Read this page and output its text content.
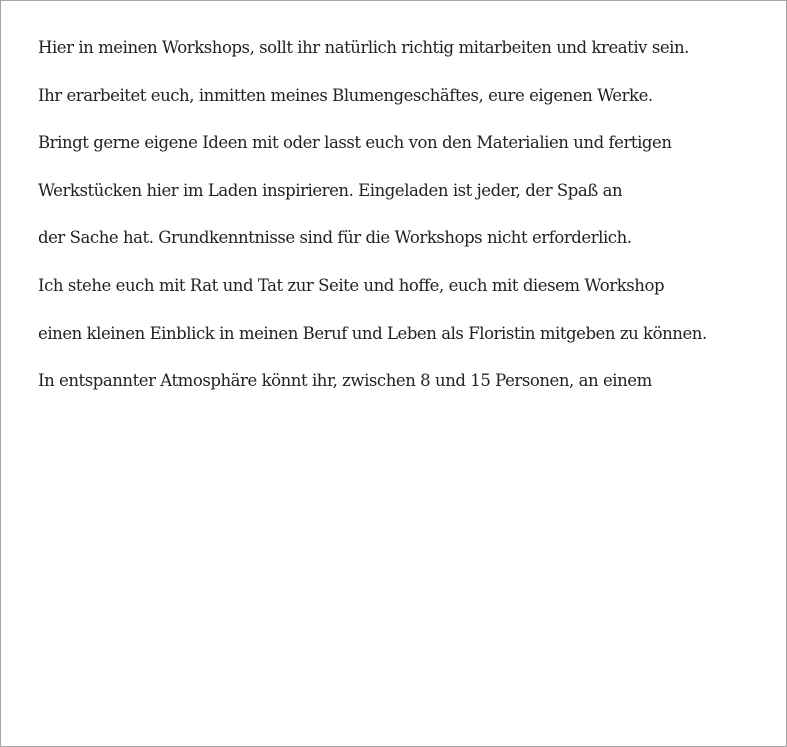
Hier in meinen Workshops, sollt ihr natürlich richtig mitarbeiten und kreativ sein.
Ihr erarbeitet euch, inmitten meines Blumengeschäftes, eure eigenen Werke.
Bringt gerne eigene Ideen mit oder lasst euch von den Materialien und fertigen
Werkstücken hier im Laden inspirieren. Eingeladen ist jeder, der Spaß an
der Sache hat. Grundkenntnisse sind für die Workshops nicht erforderlich.
Ich stehe euch mit Rat und Tat zur Seite und hoffe, euch mit diesem Workshop
einen kleinen Einblick in meinen Beruf und Leben als Floristin mitgeben zu können.
In entspannter Atmosphäre könnt ihr, zwischen 8 und 15 Personen, an einem
